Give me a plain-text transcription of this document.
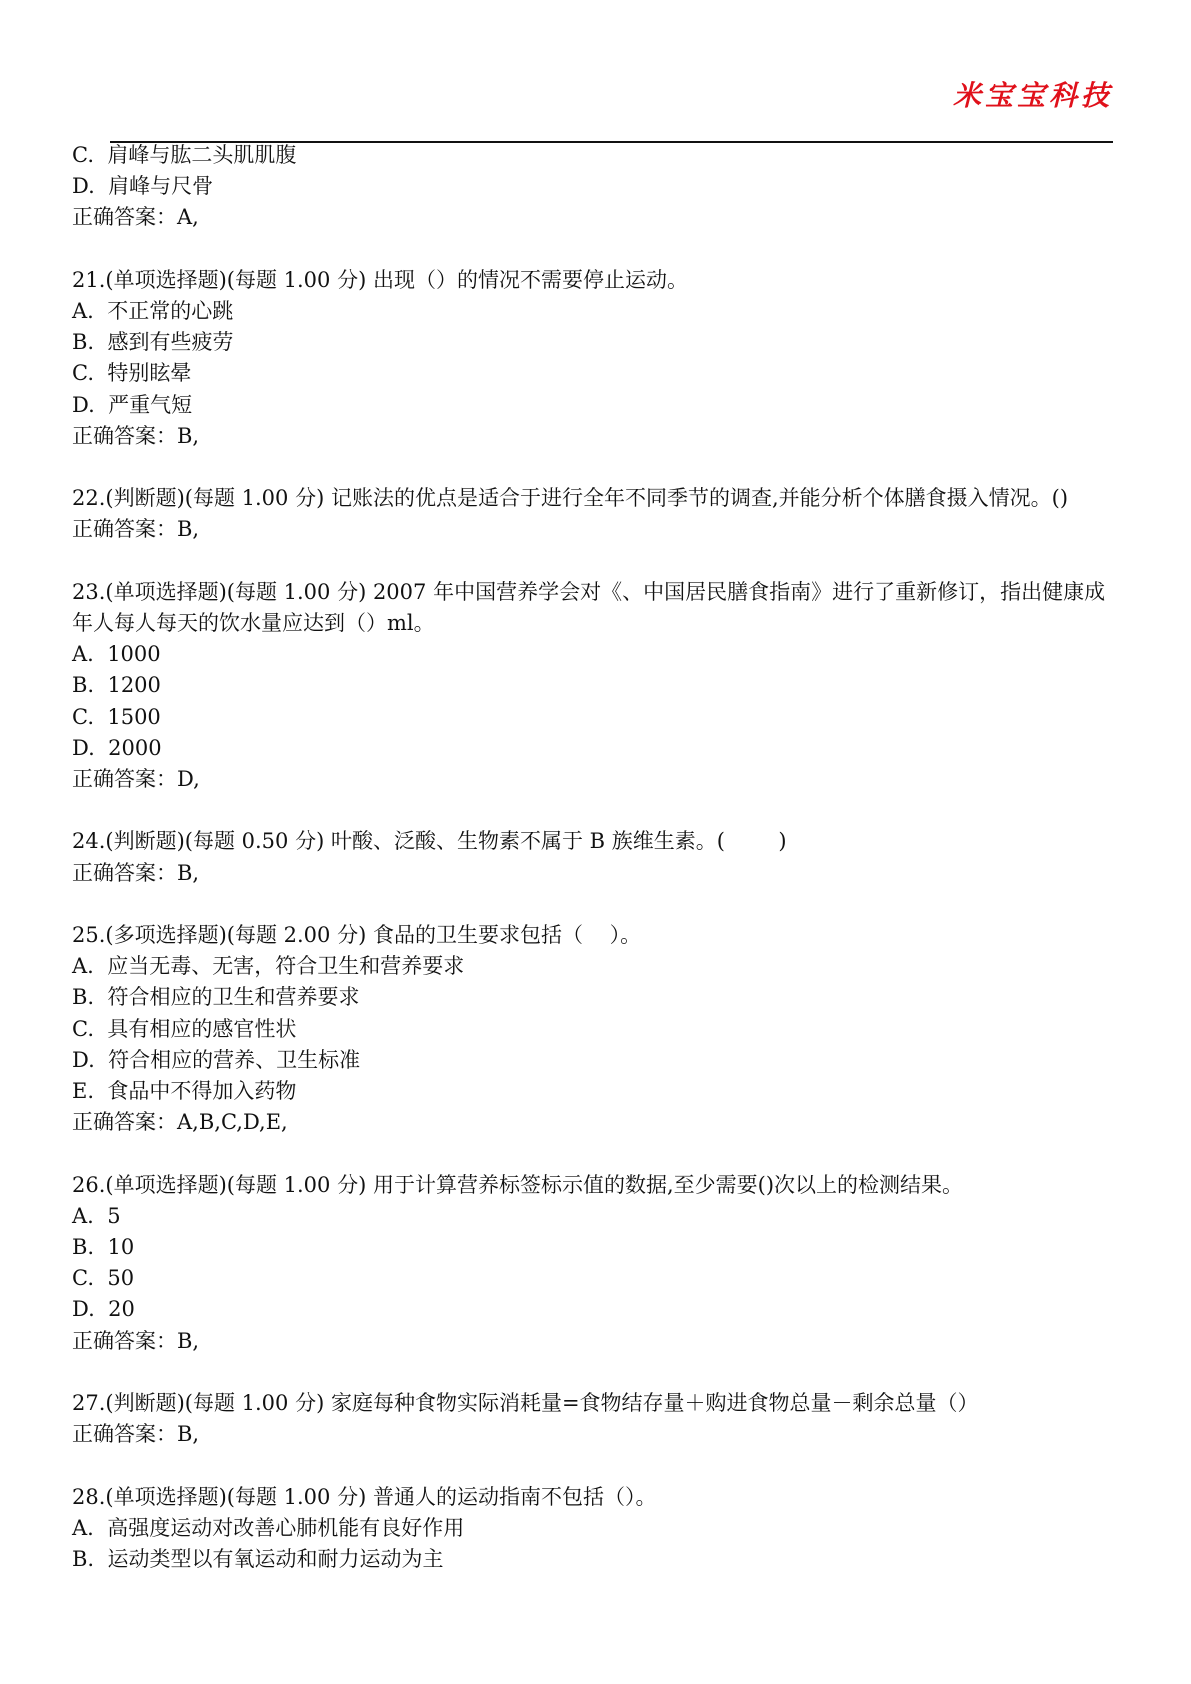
米宝宝科技

C.  肩峰与肱二头肌肌腹

D.  肩峰与尺骨

正确答案：A,

21.(单项选择题)(每题 1.00 分) 出现（）的情况不需要停止运动。

A.  不正常的心跳

B.  感到有些疲劳

C.  特别眩晕

D.  严重气短

正确答案：B,

22.(判断题)(每题 1.00 分) 记账法的优点是适合于进行全年不同季节的调查,并能分析个体膳食摄入情况。()

正确答案：B,

23.(单项选择题)(每题 1.00 分) 2007 年中国营养学会对《、中国居民膳食指南》进行了重新修订，指出健康成年人每人每天的饮水量应达到（）ml。

A.  1000

B.  1200

C.  1500

D.  2000

正确答案：D,

24.(判断题)(每题 0.50 分) 叶酸、泛酸、生物素不属于 B 族维生素。(        )

正确答案：B,

25.(多项选择题)(每题 2.00 分) 食品的卫生要求包括（    ）。

A.  应当无毒、无害，符合卫生和营养要求

B.  符合相应的卫生和营养要求

C.  具有相应的感官性状

D.  符合相应的营养、卫生标准

E.  食品中不得加入药物

正确答案：A,B,C,D,E,

26.(单项选择题)(每题 1.00 分) 用于计算营养标签标示值的数据,至少需要()次以上的检测结果。

A.  5

B.  10

C.  50

D.  20

正确答案：B,

27.(判断题)(每题 1.00 分) 家庭每种食物实际消耗量=食物结存量＋购进食物总量－剩余总量（）

正确答案：B,

28.(单项选择题)(每题 1.00 分) 普通人的运动指南不包括（）。

A.  高强度运动对改善心肺机能有良好作用

B.  运动类型以有氧运动和耐力运动为主
